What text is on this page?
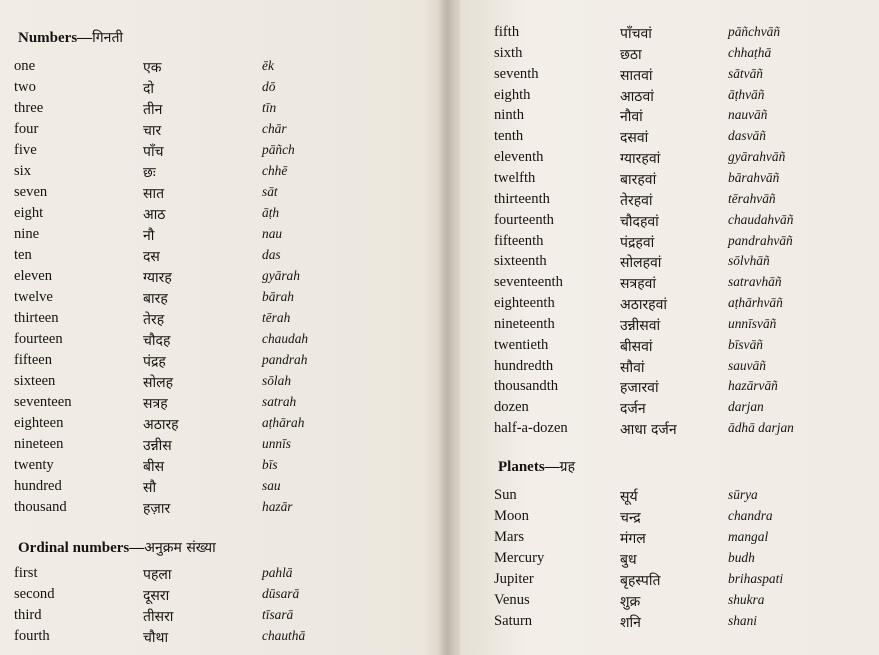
Numbers—गिनती
one	एक	ēk
two	दो	dō
three	तीन	tīn
four	चार	chār
five	पाँच	pāñch
six	छः	chhē
seven	सात	sāt
eight	आठ	āṭh
nine	नौ	nau
ten	दस	das
eleven	ग्यारह	gyārah
twelve	बारह	bārah
thirteen	तेरह	tērah
fourteen	चौदह	chaudah
fifteen	पंद्रह	pandrah
sixteen	सोलह	sōlah
seventeen	सत्रह	satrah
eighteen	अठारह	aṭhārah
nineteen	उन्नीस	unnīs
twenty	बीस	bīs
hundred	सौ	sau
thousand	हज़ार	hazār
Ordinal numbers—अनुक्रम संख्या
first	पहला	pahlā
second	दूसरा	dūsarā
third	तीसरा	tīsarā
fourth	चौथा	chauthā
fifth	पाँचवां	pāñchvāñ
sixth	छठा	chhaṭhā
seventh	सातवां	sātvāñ
eighth	आठवां	āṭhvāñ
ninth	नौवां	nauvāñ
tenth	दसवां	dasvāñ
eleventh	ग्यारहवां	gyārahvāñ
twelfth	बारहवां	bārahvāñ
thirteenth	तेरहवां	tērahvāñ
fourteenth	चौदहवां	chaudahvāñ
fifteenth	पंद्रहवां	pandrahvāñ
sixteenth	सोलहवां	sōlvhāñ
seventeenth	सत्रहवां	satravhāñ
eighteenth	अठारहवां	aṭhārhvāñ
nineteenth	उन्नीसवां	unnīsvāñ
twentieth	बीसवां	bīsvāñ
hundredth	सौवां	sauvāñ
thousandth	हजारवां	hazārvāñ
dozen	दर्जन	darjan
half-a-dozen	आधा दर्जन	ādhā darjan
Planets—ग्रह
Sun	सूर्य	sūrya
Moon	चन्द्र	chandra
Mars	मंगल	mangal
Mercury	बुध	budh
Jupiter	बृहस्पति	brihaspati
Venus	शुक्र	shukra
Saturn	शनि	shani
